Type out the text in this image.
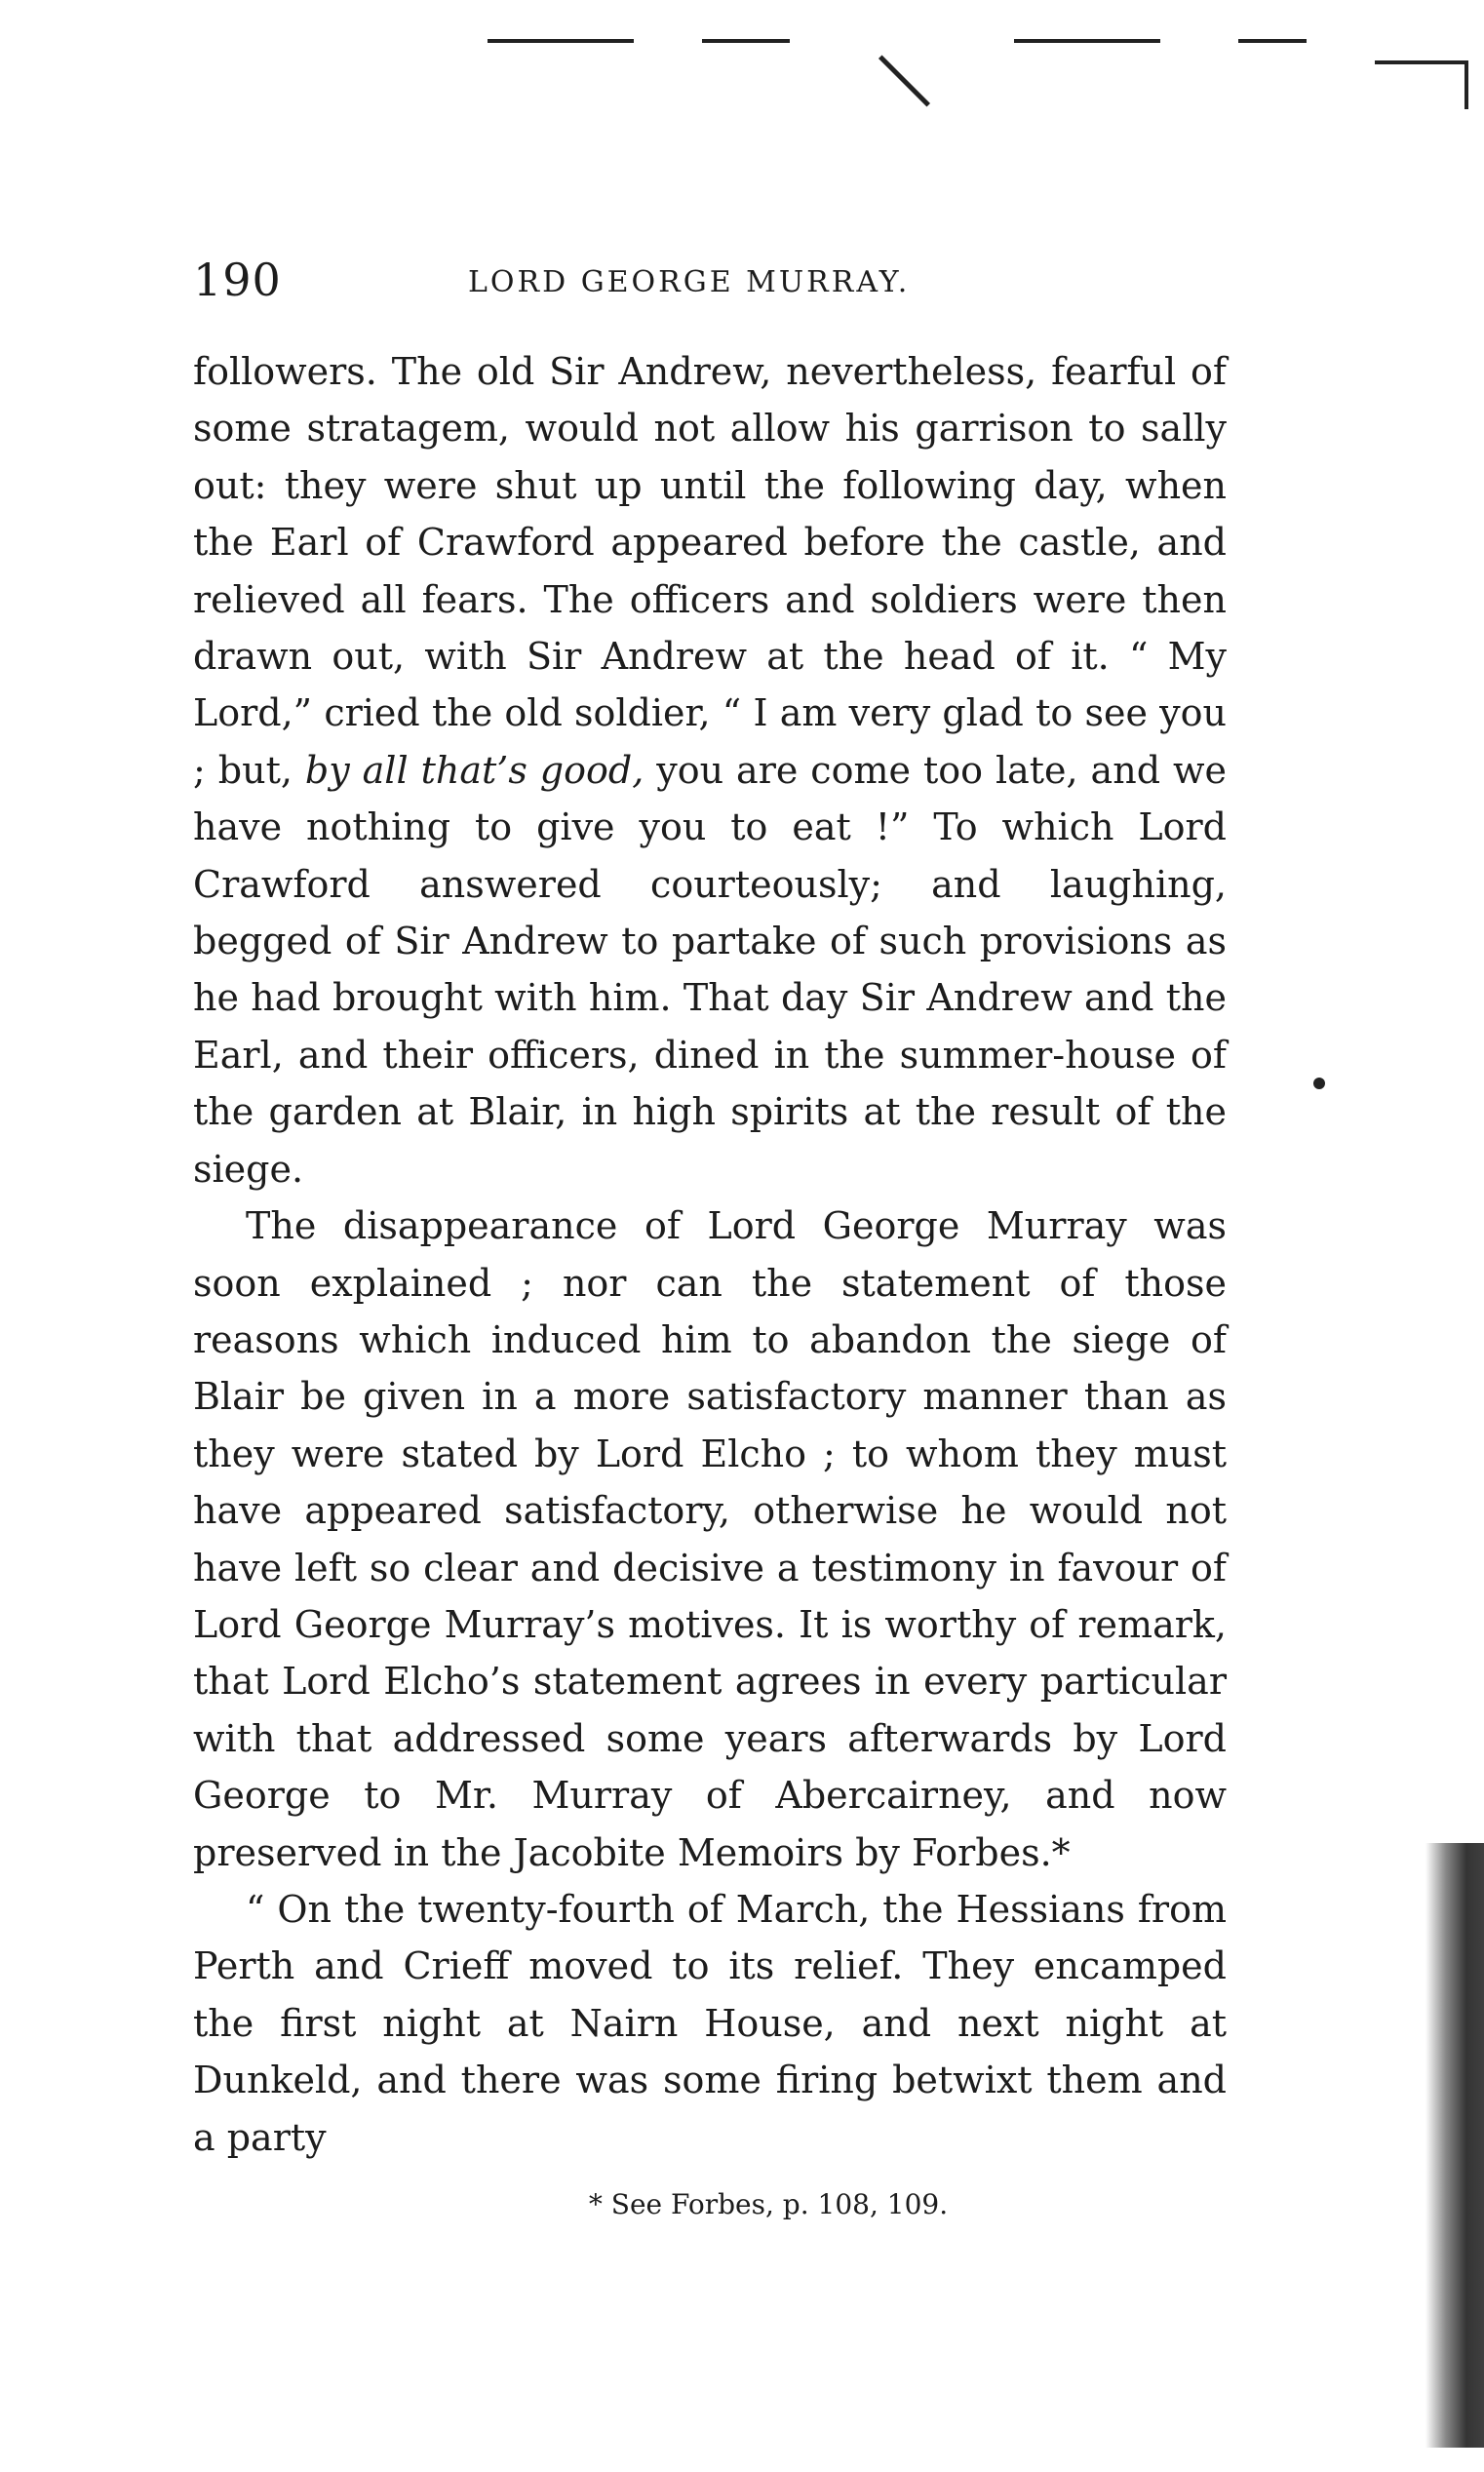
190	LORD GEORGE MURRAY.

followers. The old Sir Andrew, nevertheless, fearful of some stratagem, would not allow his garrison to sally out: they were shut up until the following day, when the Earl of Crawford appeared before the castle, and relieved all fears. The officers and soldiers were then drawn out, with Sir Andrew at the head of it. “ My Lord,” cried the old soldier, “ I am very glad to see you ; but, by all that’s good, you are come too late, and we have nothing to give you to eat !” To which Lord Crawford answered courteously; and laughing, begged of Sir Andrew to partake of such provisions as he had brought with him. That day Sir Andrew and the Earl, and their officers, dined in the summer-house of the garden at Blair, in high spirits at the result of the siege.

The disappearance of Lord George Murray was soon explained ; nor can the statement of those reasons which induced him to abandon the siege of Blair be given in a more satisfactory manner than as they were stated by Lord Elcho ; to whom they must have appeared satisfactory, otherwise he would not have left so clear and decisive a testimony in favour of Lord George Murray’s motives. It is worthy of remark, that Lord Elcho’s statement agrees in every particular with that addressed some years afterwards by Lord George to Mr. Murray of Abercairney, and now preserved in the Jacobite Memoirs by Forbes.*

“ On the twenty-fourth of March, the Hessians from Perth and Crieff moved to its relief. They encamped the first night at Nairn House, and next night at Dunkeld, and there was some firing betwixt them and a party

* See Forbes, p. 108, 109.
